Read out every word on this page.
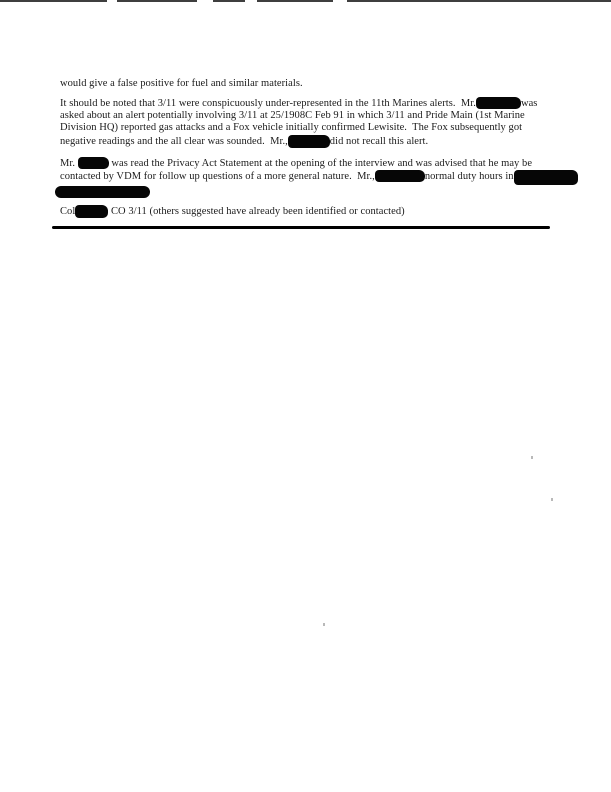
would give a false positive for fuel and similar materials.
It should be noted that 3/11 were conspicuously under-represented in the 11th Marines alerts.  Mr.	was
asked about an alert potentially involving 3/11 at 25/1908C Feb 91 in which 3/11 and Pride Main (1st Marine
Division HQ) reported gas attacks and a Fox vehicle initially confirmed Lewisite.  The Fox subsequently got
negative readings and the all clear was sounded.  Mr.,	did not recall this alert.
Mr.	was read the Privacy Act Statement at the opening of the interview and was advised that he may be
contacted by VDM for follow up questions of a more general nature.  Mr.,	normal duty hours in
Col	CO 3/11 (others suggested have already been identified or contacted)
